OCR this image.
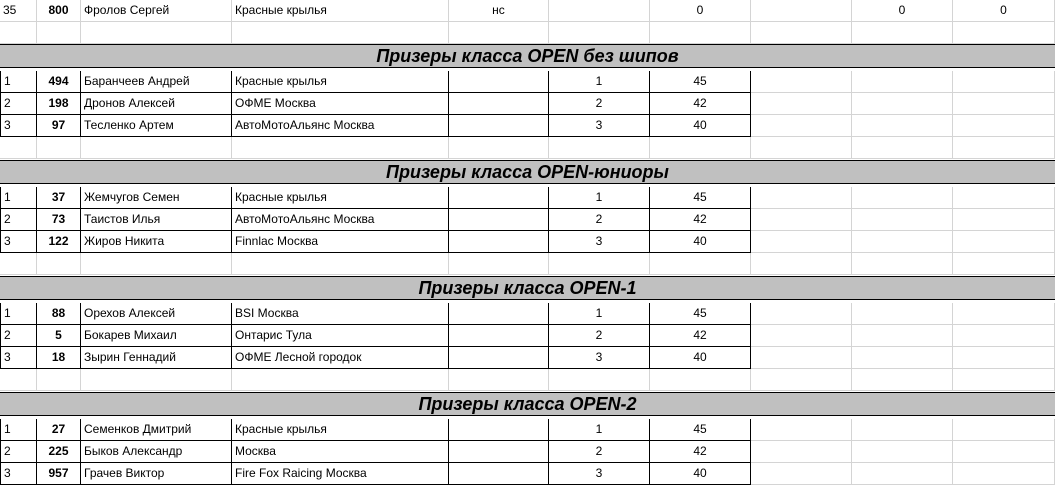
35	800	Фролов Сергей	Красные крылья	нс	0	0	0
Призеры класса OPEN без шипов
1	494	Баранчеев Андрей	Красные крылья	1	45
2	198	Дронов Алексей	ОФМЕ Москва	2	42
3	97	Тесленко Артем	АвтоМотоАльянс Москва	3	40
Призеры класса OPEN-юниоры
1	37	Жемчугов Семен	Красные крылья	1	45
2	73	Таистов Илья	АвтоМотоАльянс Москва	2	42
3	122	Жиров Никита	Finnlac Москва	3	40
Призеры класса OPEN-1
1	88	Орехов Алексей	BSI Москва	1	45
2	5	Бокарев Михаил	Онтарис Тула	2	42
3	18	Зырин Геннадий	ОФМЕ Лесной городок	3	40
Призеры класса OPEN-2
1	27	Семенков Дмитрий	Красные крылья	1	45
2	225	Быков Александр	Москва	2	42
3	957	Грачев Виктор	Fire Fox Raicing Москва	3	40
